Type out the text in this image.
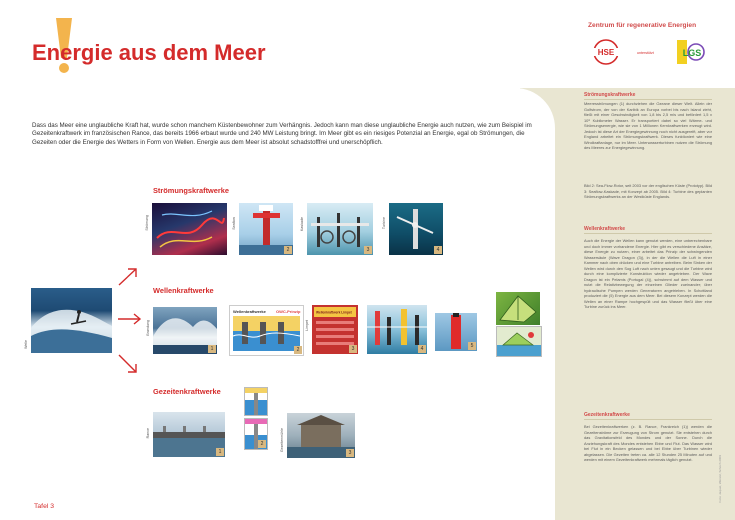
Energie aus dem Meer

Dass das Meer eine unglaubliche Kraft hat, wurde schon manchem Küstenbewohner zum Verhängnis. Jedoch kann man diese unglaubliche Energie auch nutzen, wie zum Beispiel im Gezeitenkraftwerk im französischen Rance, das bereits 1966 erbaut wurde und 240 MW Leistung bringt. Im Meer gibt es ein riesiges Potenzial an Energie, egal ob Strömungen, die Gezeiten oder die Energie des Wetters in Form von Wellen. Energie aus dem Meer ist absolut schadstofffrei und unerschöpflich.

Strömungskraftwerke
Strömung
2
Seaflow
3
Kaskade
4
Turbine
Welle
Wellenkraftwerke
1
Brandung
Wellenkraftwerke	OWC-Prinzip
2
Wellenkraftwerk Limpet
3
Limpet
4	5
Gezeitenkraftwerke
1
Rance
2
3
Gezeitenmühle
Zentrum für regenerative Energien
HSE	unterstützt	LGS
Strömungskraftwerke

Meeresströmungen (1) durchziehen die Ozeane dieser Welt. Allein der Golfstrom, der von der Karibik an Europa vorbei bis nach Island zieht, fließt mit einer Geschwindigkeit von 1,8 bis 2,5 m/s und befördert 1,5 x 10⁸ Kubikmeter Wasser. Er transportiert dabei so viel Wärme- und Strömungsenergie, wie sie von 1 Millionen Kernkraftwerken erzeugt wird. Jedoch ist diese Art der Energiegewinnung noch nicht ausgereift, aber vor England arbeitet ein Strömungskraftwerk. Dieses funktioniert wie eine Windkraftanlage, nur im Meer. Unterwasserturbinen nutzen die Strömung des Meeres zur Energiegewinnung.

Bild 2: Sea-Flow-Rotor, seit 2003 vor der englischen Küste (Prototyp). Bild 3: Seaflow-Kaskade, mit Konzept ab 2005. Bild 4: Turbine des geplanten Strömungskraftwerks an der Westküste Englands.

Wellenkraftwerke

Auch die Energie der Wellen kann genutzt werden, eine unberechenbare und doch immer vorhandene Energie. Hier gibt es verschiedene Ansätze, diese Energie zu nutzen, einer arbeitet das Prinzip der schwingenden Wassersäule (Wave Dragon (3)), in der die Wellen die Luft in einer Kammer nach oben drücken und eine Turbine antreiben. Beim Sinken der Wellen wird durch den Sog Luft nach unten gesaugt und die Turbine wird durch eine komplizierte Konstruktion wieder angetrieben. Der Wave Dragon ist ein Pelamis (Portugal (4)), schwimmt auf dem Wasser und nutzt die Relativbewegung der einzelnen Glieder zueinander; über hydraulische Pumpen werden Generatoren angetrieben. In Schottland produziert die (5) Energie aus dem Meer. Bei diesem Konzept werden die Wellen an einer Rampe hochgespült und das Wasser fließt über eine Turbine zurück ins Meer.

Gezeitenkraftwerke

Bei Gezeitenkraftwerken (z. B. Rance, Frankreich (1)) werden die Gezeitenströme zur Erzeugung von Strom genutzt. Sie entstehen durch das Gravitationsfeld des Mondes und der Sonne. Durch die Anziehungskraft des Mondes entstehen Ebbe und Flut. Das Wasser wird bei Flut in ein Becken gelassen und bei Ebbe über Turbinen wieder abgelassen. Die Gezeiten treten ca. alle 12 Stunden 25 Minuten auf und werden mit einem Gezeitenkraftwerk mehrmals täglich genutzt.	Foto: Jaquet, Wenzel, Schoch 2009

Tafel 3
